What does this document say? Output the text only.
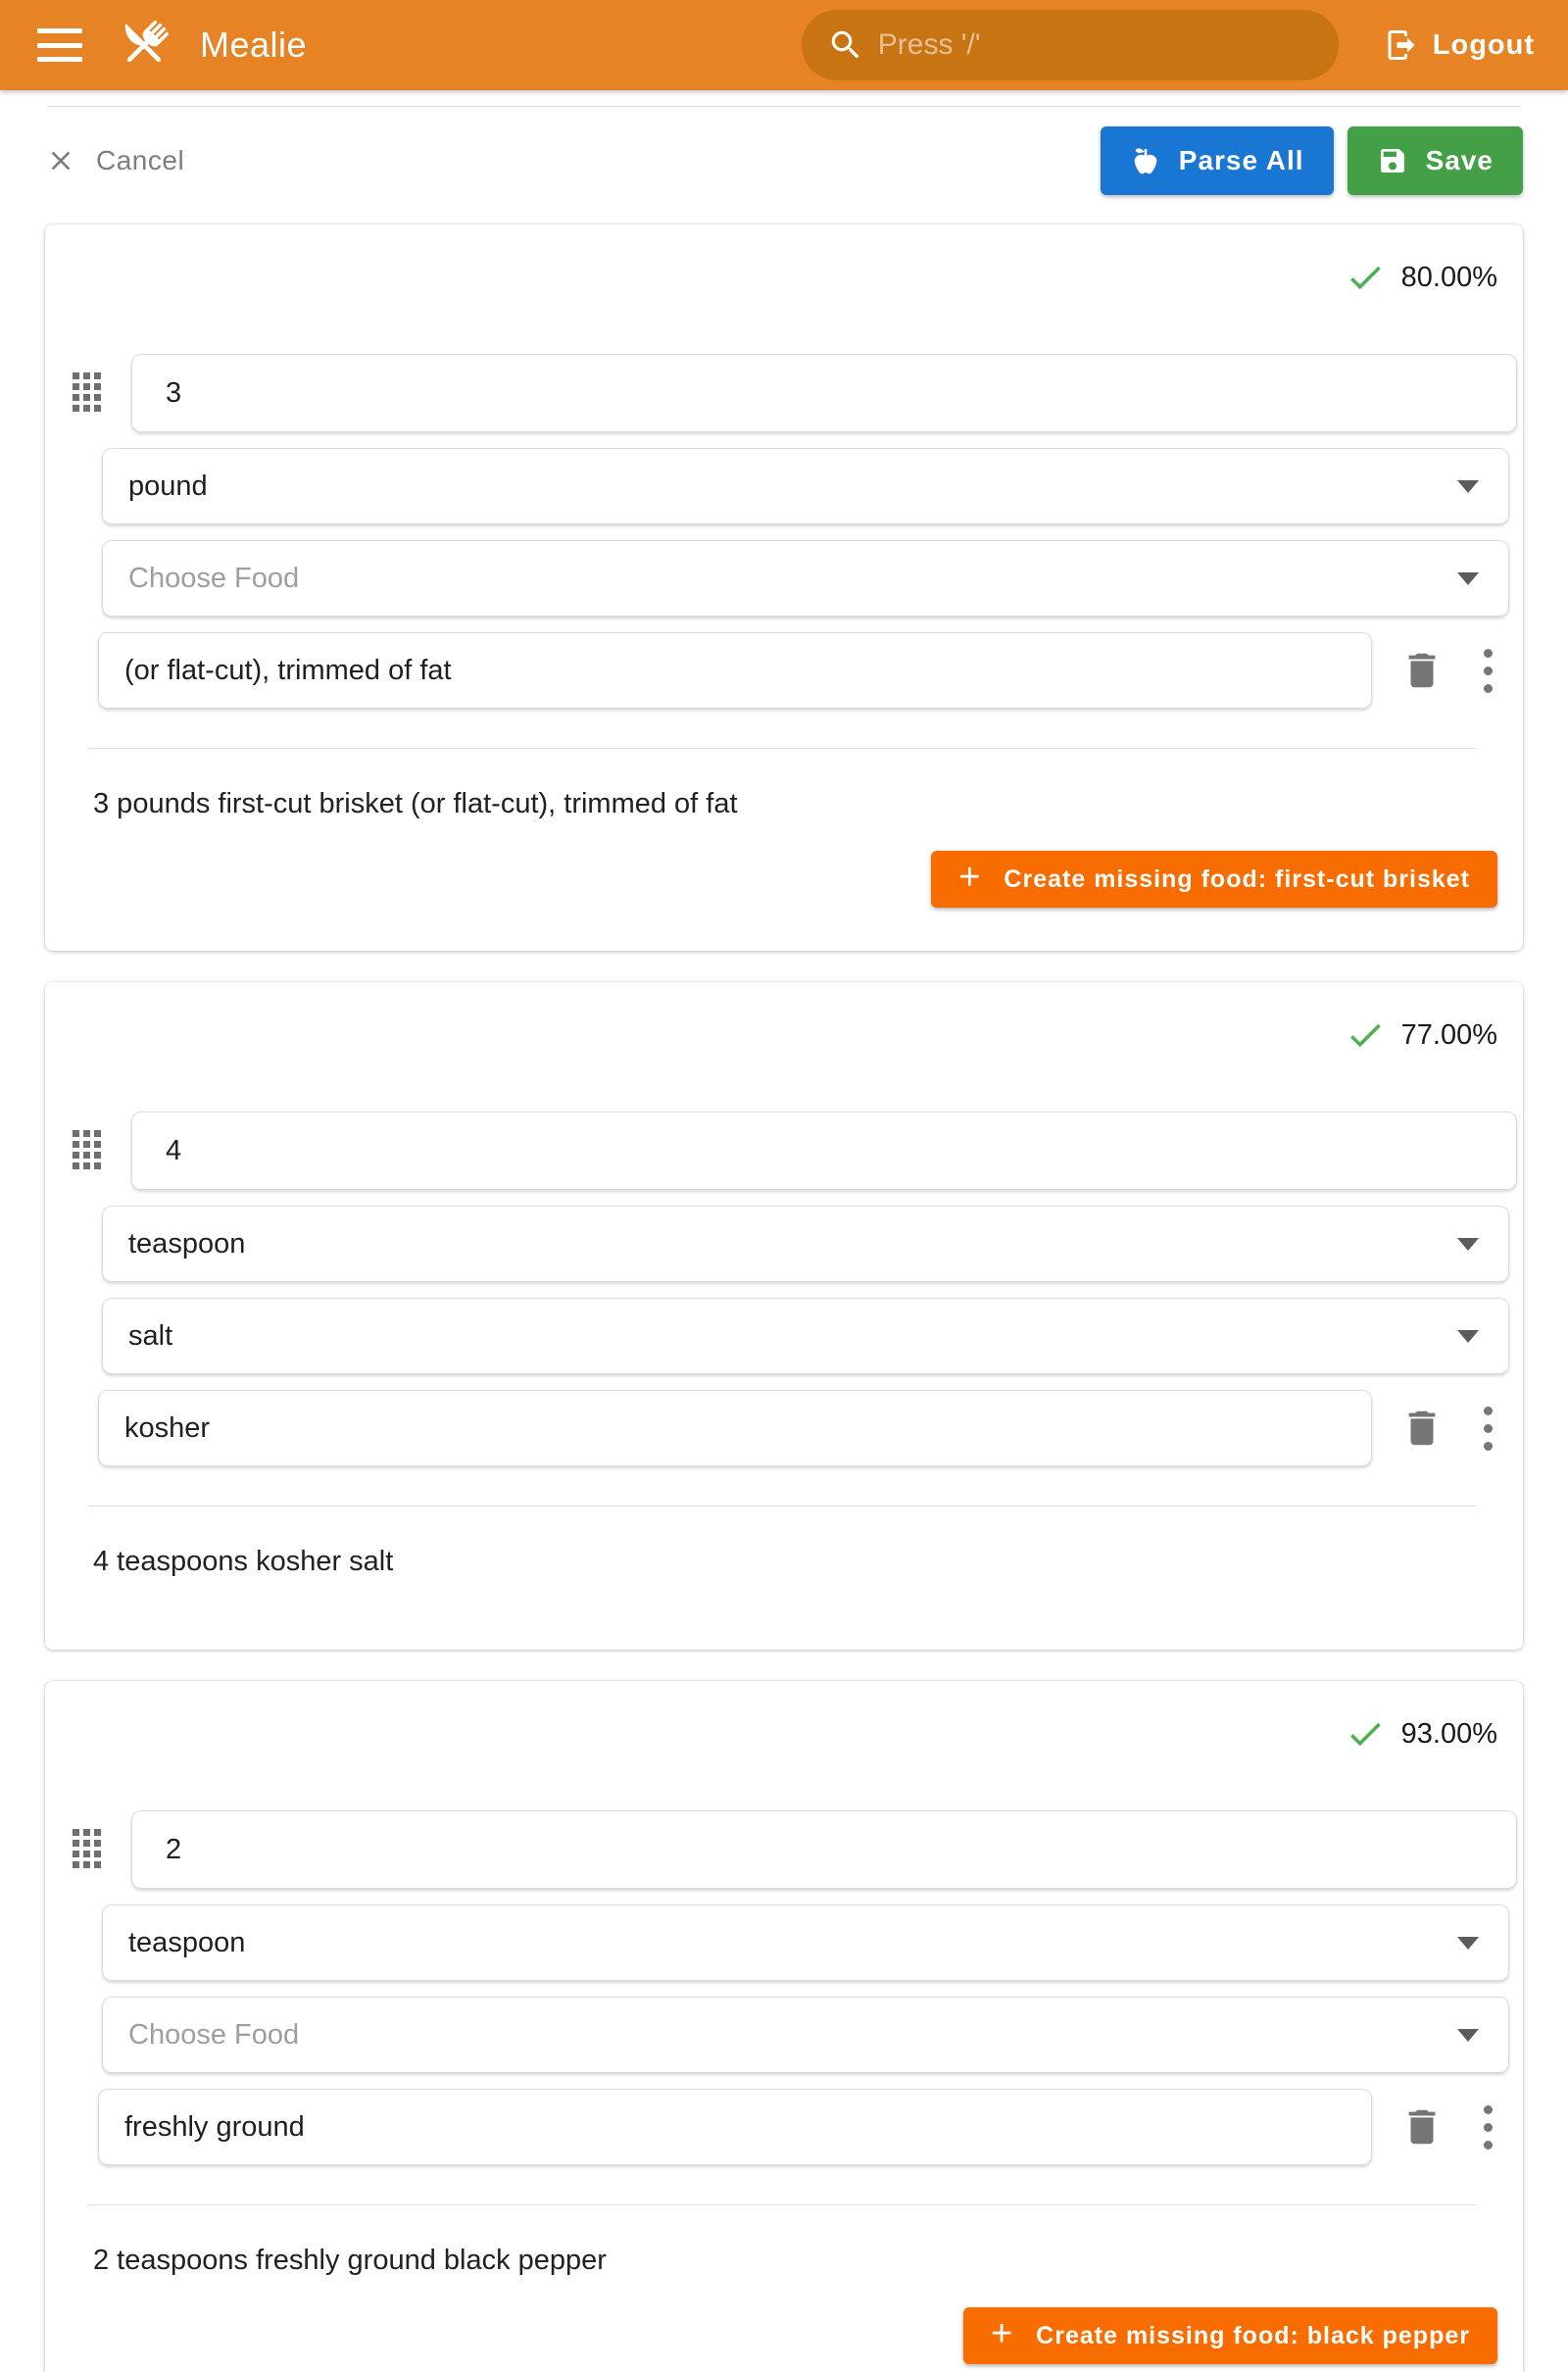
Mealie
Press '/'	Logout
Cancel	Parse All	Save
80.00%
3
pound
Choose Food
(or flat-cut), trimmed of fat

3 pounds first-cut brisket (or flat-cut), trimmed of fat

+ Create missing food: first-cut brisket
77.00%
4
teaspoon
salt
kosher

4 teaspoons kosher salt

93.00%
2
teaspoon
Choose Food
freshly ground

2 teaspoons freshly ground black pepper

+ Create missing food: black pepper
